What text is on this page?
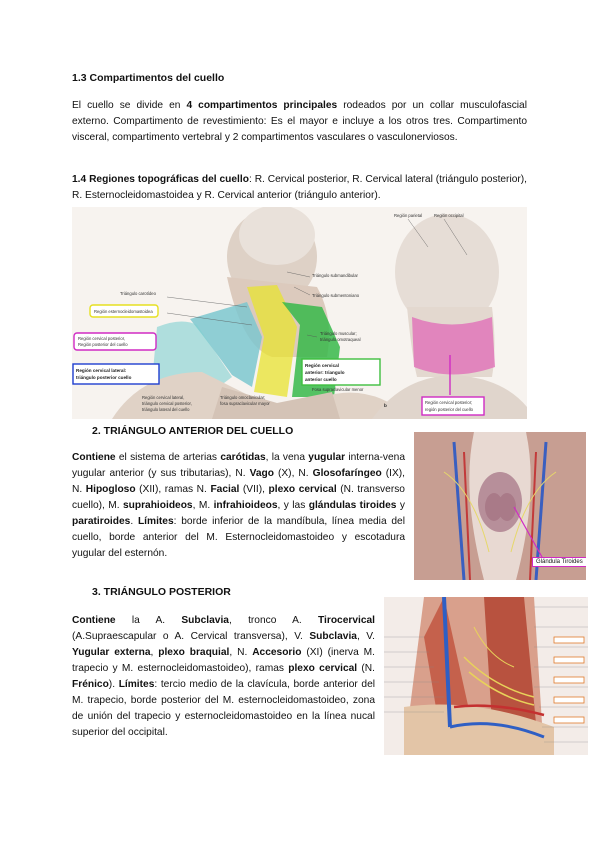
1.3 Compartimentos del cuello
El cuello se divide en 4 compartimentos principales rodeados por un collar musculofascial externo. Compartimento de revestimiento: Es el mayor e incluye a los otros tres. Compartimento visceral, compartimento vertebral y 2 compartimentos vasculares o vasculonerviosos.
1.4 Regiones topográficas del cuello: R. Cervical posterior, R. Cervical lateral (triángulo posterior), R. Esternocleidomastoidea y R. Cervical anterior (triángulo anterior).
Triángulo carotídeo
Región esternocleidomastoidea
Región cervical posterior,
Región posterior del cuello
Región cervical lateral:
triángulo posterior cuello
Triángulo submandibular
Triángulo submentoniano
Triángulo muscular;
triángulo omotraqueal
Región cervical
anterior: triangulo
anterior cuello
Fosa supraclavicular menor
Región cervical lateral,
triángulo cervical posterior,
triángulo lateral del cuello
Triángulo omoclavicular;
fosa supraclavicular mayor
Región parietal	Región occipital
Región cervical posterior;
región posterior del cuello
b
2. TRIÁNGULO ANTERIOR DEL CUELLO
Contiene el sistema de arterias carótidas, la vena yugular interna-vena yugular anterior (y sus tributarias), N. Vago (X), N. Glosofaríngeo (IX), N. Hipogloso (XII), ramas N. Facial (VII), plexo cervical (N. transverso cuello), M. suprahioideos, M. infrahioideos, y las glándulas tiroides y paratiroides. Límites: borde inferior de la mandíbula, línea media del cuello, borde anterior del M. Esternocleidomastoideo y escotadura yugular del esternón.
Glándula Tiroides
3. TRIÁNGULO POSTERIOR
Contiene la A. Subclavia, tronco A. Tirocervical (A.Supraescapular o A. Cervical transversa), V. Subclavia, V. Yugular externa, plexo braquial, N. Accesorio (XI) (inerva M. trapecio y M. esternocleidomastoideo), ramas plexo cervical (N. Frénico). Límites: tercio medio de la clavícula, borde anterior del M. trapecio, borde posterior del M. esternocleidomastoideo, zona de unión del trapecio y esternocleidomastoideo en la línea nucal superior del occipital.
